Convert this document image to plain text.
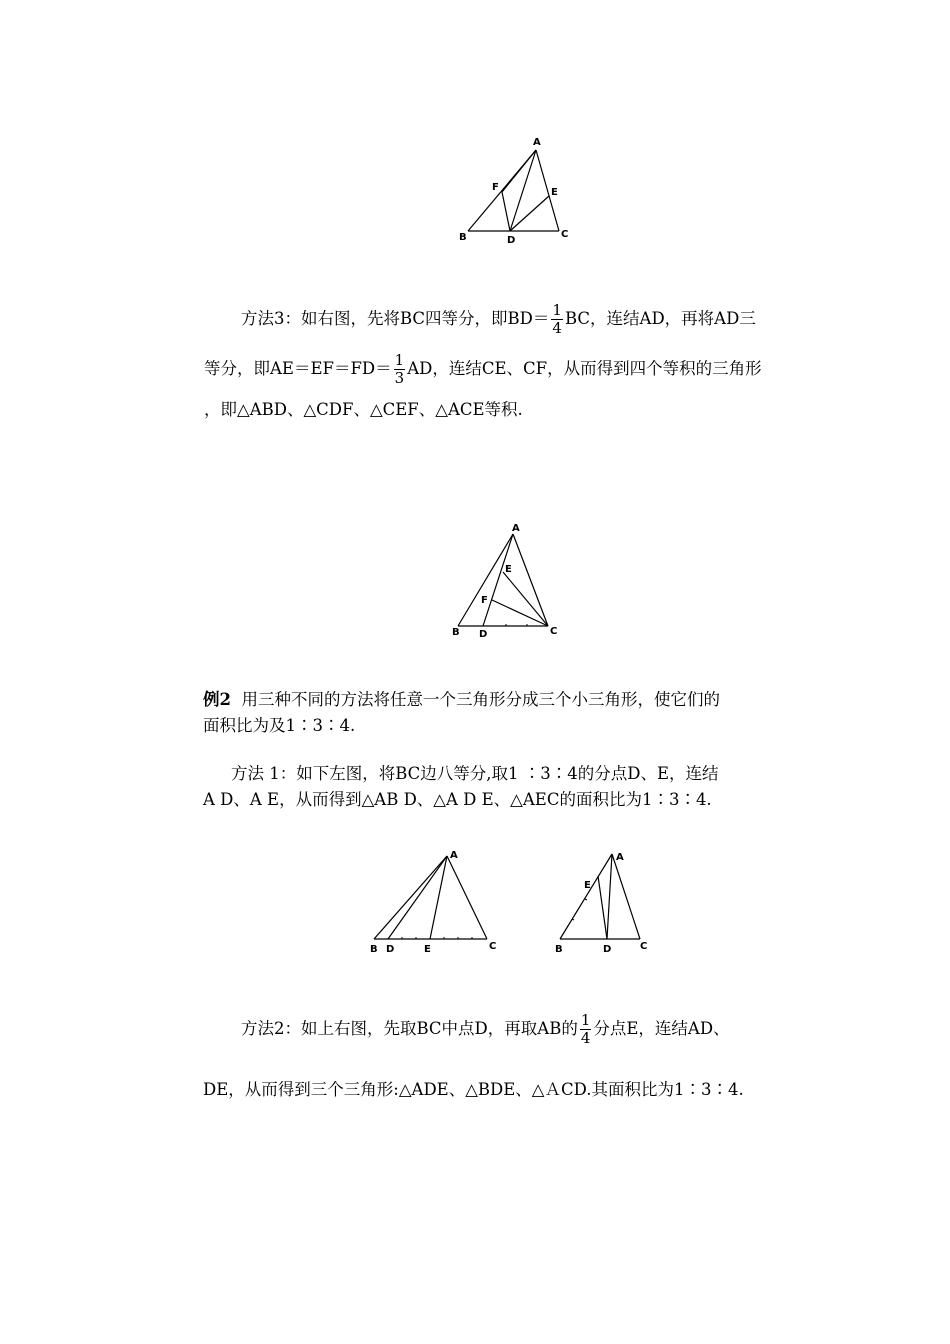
A
F	E
B	D
C
方法3：如右图，先将BC四等分，即$BD= \frac{1}{4}$ BC，连结AD，再将AD三
等分，即$AE=EF=FD= \frac{1}{3}$ AD，连结CE、CF，从而得到四个等积的三角形
，即△ABD、△CDF、△CEF、△ACE等积.
A
E
F
B D	C
例2 用三种不同的方法将任意一个三角形分成三个小三角形，使它们的
面积比为及1∶3∶4.
方法 1：如下左图，将BC边八等分,取1 ∶3∶4的分点D、E，连结
A D、A E，从而得到△AB D、△A D E、△AEC的面积比为1∶3∶4.
A
B D	E	C
A
E
B	D	C
方法2：如上右图，先取BC中点D，再取AB的 $\frac{1}{4}$ 分点E，连结AD、
DE，从而得到三个三角形:△ADE、△BDE、△ＡCD.其面积比为1∶3∶4.
